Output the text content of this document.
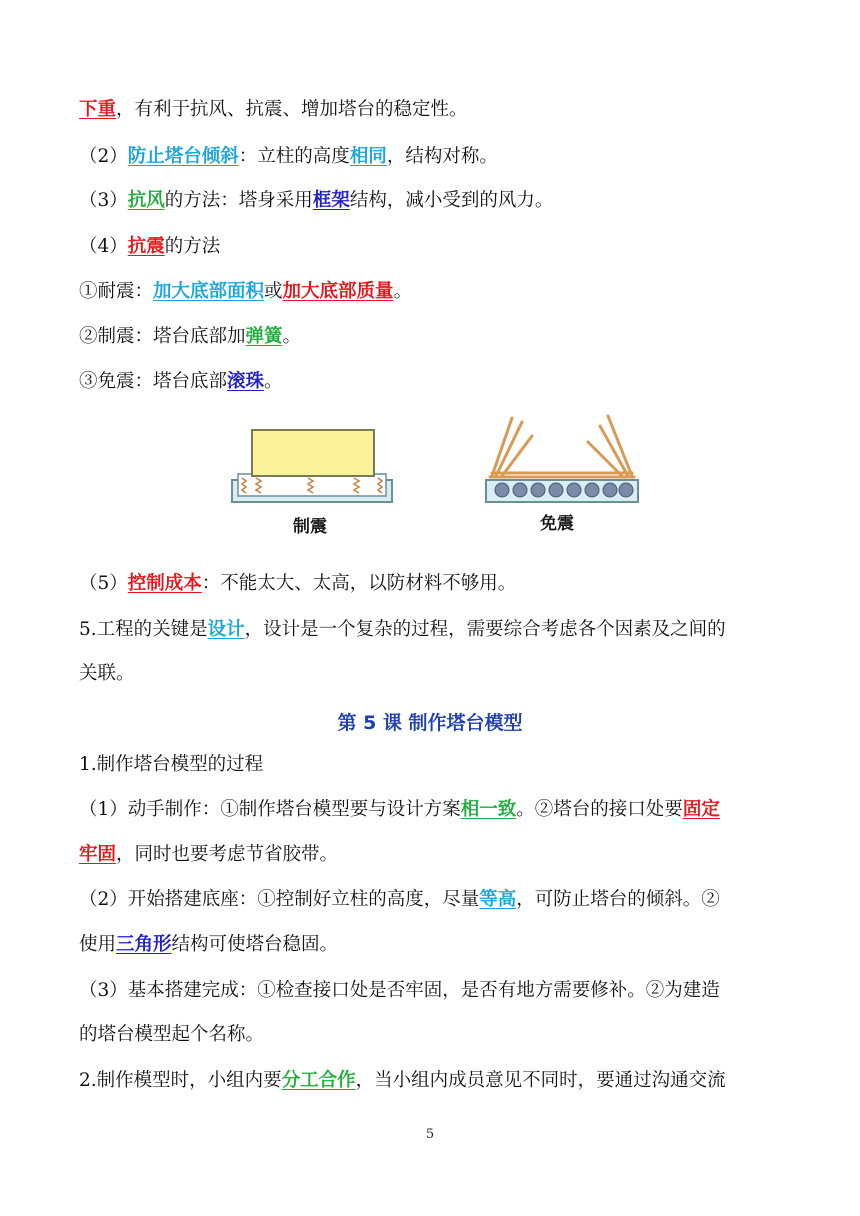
下重，有利于抗风、抗震、增加塔台的稳定性。
（2）防止塔台倾斜：立柱的高度相同，结构对称。
（3）抗风的方法：塔身采用框架结构，减小受到的风力。
（4）抗震的方法
①耐震：加大底部面积或加大底部质量。
②制震：塔台底部加弹簧。
③免震：塔台底部滚珠。
制震	免震
（5）控制成本：不能太大、太高，以防材料不够用。
5.工程的关键是设计，设计是一个复杂的过程，需要综合考虑各个因素及之间的
关联。
第 5 课 制作塔台模型
1.制作塔台模型的过程
（1）动手制作：①制作塔台模型要与设计方案相一致。②塔台的接口处要固定
牢固，同时也要考虑节省胶带。
（2）开始搭建底座：①控制好立柱的高度，尽量等高，可防止塔台的倾斜。②
使用三角形结构可使塔台稳固。
（3）基本搭建完成：①检查接口处是否牢固，是否有地方需要修补。②为建造
的塔台模型起个名称。
2.制作模型时，小组内要分工合作，当小组内成员意见不同时，要通过沟通交流
5
